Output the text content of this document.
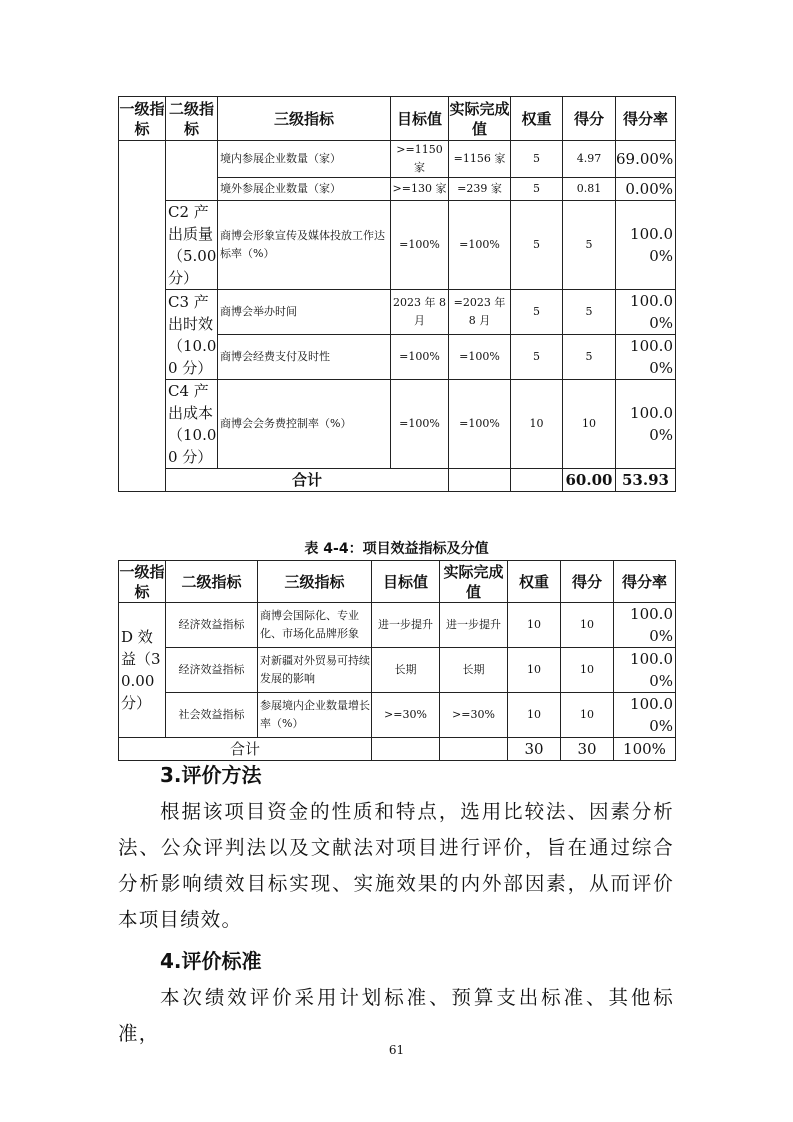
一级指标	二级指标	三级指标	目标值	实际完成值	权重	得分	得分率	
		境内参展企业数量（家）	>=1150 家	=1156 家	5	4.97	69.00%	
		境外参展企业数量（家）	>=130 家	=239 家	5	0.81	0.00%	
	C2 产出质量（5.00分）	商博会形象宣传及媒体投放工作达标率（%）	=100%	=100%	5	5	100.00%	
	C3 产出时效（10.00 分）	商博会举办时间	2023 年 8 月	=2023 年 8 月	5	5	100.00%	
		商博会经费支付及时性	=100%	=100%	5	5	100.00%	
	C4 产出成本（10.00 分）	商博会会务费控制率（%）	=100%	=100%	10	10	100.00%	
	合计					60.00	53.93	
表 4-4：项目效益指标及分值
一级指标	二级指标	三级指标	目标值	实际完成值	权重	得分	得分率
D 效益（30.00 分）	经济效益指标	商博会国际化、专业化、市场化品牌形象	进一步提升	进一步提升	10	10	100.00%
	经济效益指标	对新疆对外贸易可持续发展的影响	长期	长期	10	10	100.00%
	社会效益指标	参展境内企业数量增长率（%）	>=30%	>=30%	10	10	100.00%
合计					30	30	100%
3.评价方法
根据该项目资金的性质和特点，选用比较法、因素分析法、公众评判法以及文献法对项目进行评价，旨在通过综合分析影响绩效目标实现、实施效果的内外部因素，从而评价本项目绩效。
4.评价标准
本次绩效评价采用计划标准、预算支出标准、其他标准，
61
